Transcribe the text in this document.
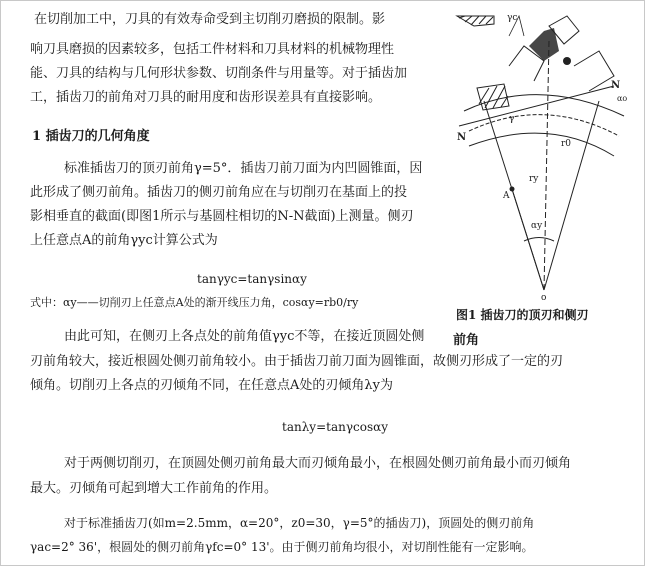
在切削加工中，刀具的有效寿命受到主切削刃磨损的限制。影
响刀具磨损的因素较多，包括工件材料和刀具材料的机械物理性
能、刀具的结构与几何形状参数、切削条件与用量等。对于插齿加
工，插齿刀的前角对刀具的耐用度和齿形误差具有直接影响。
1 插齿刀的几何角度
标准插齿刀的顶刃前角γ=5°．插齿刀前刀面为内凹圆锥面，因
此形成了侧刃前角。插齿刀的侧刃前角应在与切削刃在基面上的投
影相垂直的截面(即图1所示与基圆柱相切的N-N截面)上测量。侧刃
上任意点A的前角γyc计算公式为
tanγyc=tanγsinαy
式中：αy——切削刃上任意点A处的渐开线压力角，cosαy=rb0/ry
由此可知，在侧刃上各点处的前角值γyc不等，在接近顶圆处侧
刃前角较大，接近根圆处侧刃前角较小。由于插齿刀前刀面为圆锥面，故侧刃形成了一定的刃
倾角。切削刃上各点的刃倾角不同，在任意点A处的刃倾角λy为
tanλy=tanγcosαy
对于两侧切削刃，在顶圆处侧刃前角最大而刃倾角最小，在根圆处侧刃前角最小而刃倾角
最大。刃倾角可起到增大工作前角的作用。
对于标准插齿刀(如m=2.5mm，α=20°，z0=30，γ=5°的插齿刀)，顶圆处的侧刃前角
γac=2° 36'，根圆处的侧刃前角γfc=0° 13'。由于侧刃前角均很小，对切削性能有一定影响。
γc
γ
N
N
A
ry
r0
αy
αo
o
图1 插齿刀的顶刃和侧刃
前角
